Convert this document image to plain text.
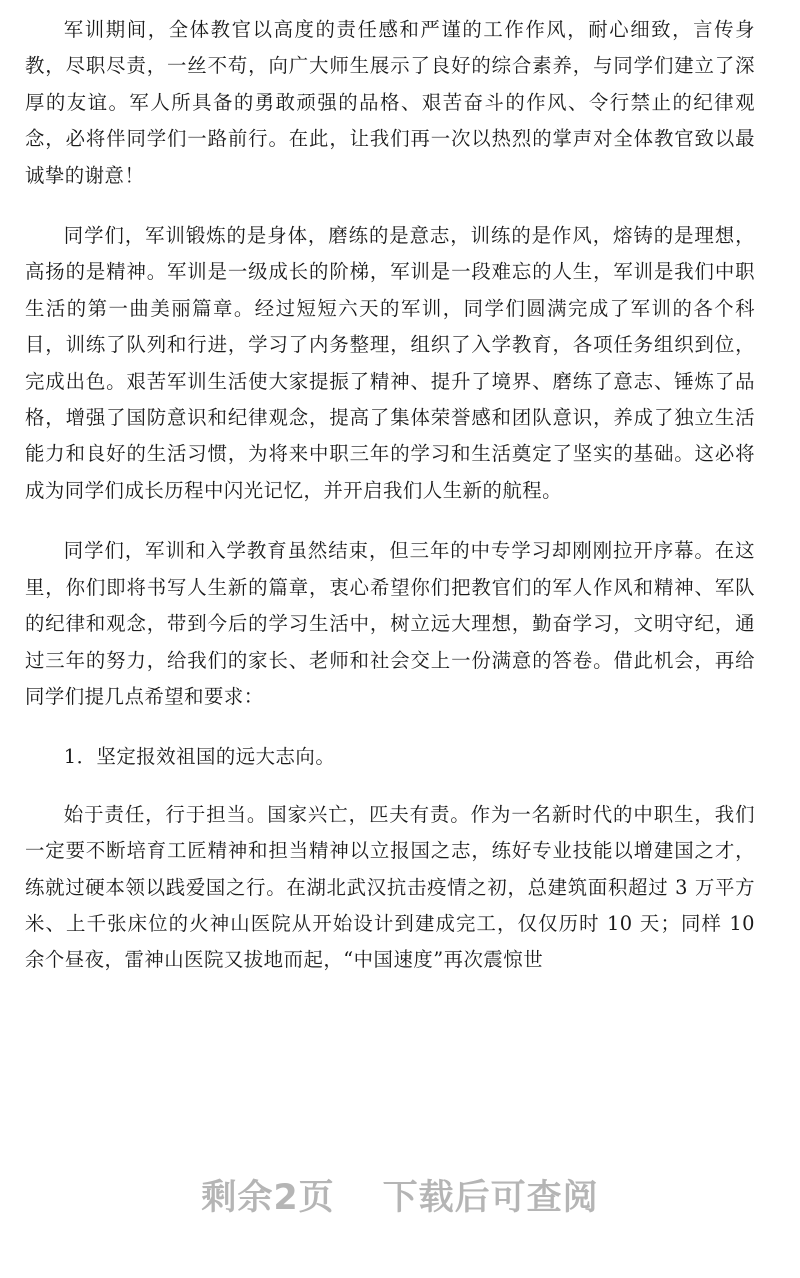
军训期间，全体教官以高度的责任感和严谨的工作作风，耐心细致，言传身教，尽职尽责，一丝不苟，向广大师生展示了良好的综合素养，与同学们建立了深厚的友谊。军人所具备的勇敢顽强的品格、艰苦奋斗的作风、令行禁止的纪律观念，必将伴同学们一路前行。在此，让我们再一次以热烈的掌声对全体教官致以最诚挚的谢意！

同学们，军训锻炼的是身体，磨练的是意志，训练的是作风，熔铸的是理想，高扬的是精神。军训是一级成长的阶梯，军训是一段难忘的人生，军训是我们中职生活的第一曲美丽篇章。经过短短六天的军训，同学们圆满完成了军训的各个科目，训练了队列和行进，学习了内务整理，组织了入学教育，各项任务组织到位，完成出色。艰苦军训生活使大家提振了精神、提升了境界、磨练了意志、锤炼了品格，增强了国防意识和纪律观念，提高了集体荣誉感和团队意识，养成了独立生活能力和良好的生活习惯，为将来中职三年的学习和生活奠定了坚实的基础。这必将成为同学们成长历程中闪光记忆，并开启我们人生新的航程。

同学们，军训和入学教育虽然结束，但三年的中专学习却刚刚拉开序幕。在这里，你们即将书写人生新的篇章，衷心希望你们把教官们的军人作风和精神、军队的纪律和观念，带到今后的学习生活中，树立远大理想，勤奋学习，文明守纪，通过三年的努力，给我们的家长、老师和社会交上一份满意的答卷。借此机会，再给同学们提几点希望和要求：

1．坚定报效祖国的远大志向。

始于责任，行于担当。国家兴亡，匹夫有责。作为一名新时代的中职生，我们一定要不断培育工匠精神和担当精神以立报国之志，练好专业技能以增建国之才，练就过硬本领以践爱国之行。在湖北武汉抗击疫情之初，总建筑面积超过 3 万平方米、上千张床位的火神山医院从开始设计到建成完工，仅仅历时 10 天；同样 10 余个昼夜，雷神山医院又拔地而起，“中国速度”再次震惊世

剩余2页 下载后可查阅
